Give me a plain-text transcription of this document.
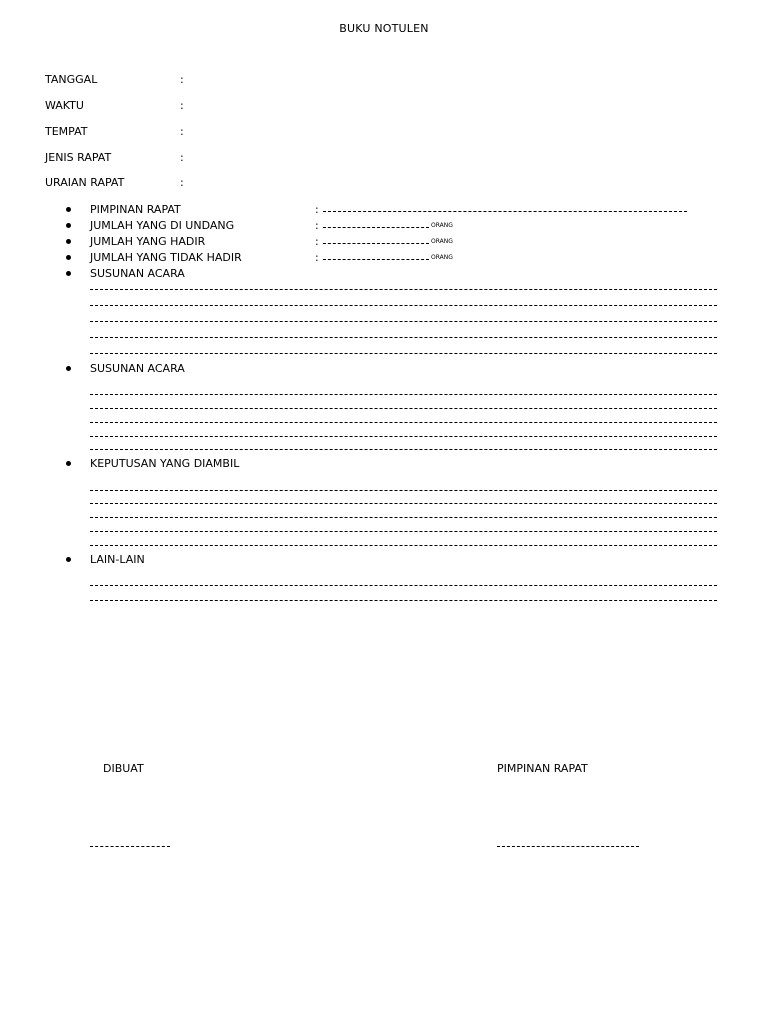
BUKU NOTULEN
TANGGAL	:
WAKTU	:
TEMPAT	:
JENIS RAPAT	:
URAIAN RAPAT	:
PIMPINAN RAPAT	:
JUMLAH YANG DI UNDANG	:	ORANG
JUMLAH YANG HADIR	:	ORANG
JUMLAH YANG TIDAK HADIR	:	ORANG
SUSUNAN ACARA
SUSUNAN ACARA
KEPUTUSAN YANG DIAMBIL
LAIN-LAIN
DIBUAT	PIMPINAN RAPAT
